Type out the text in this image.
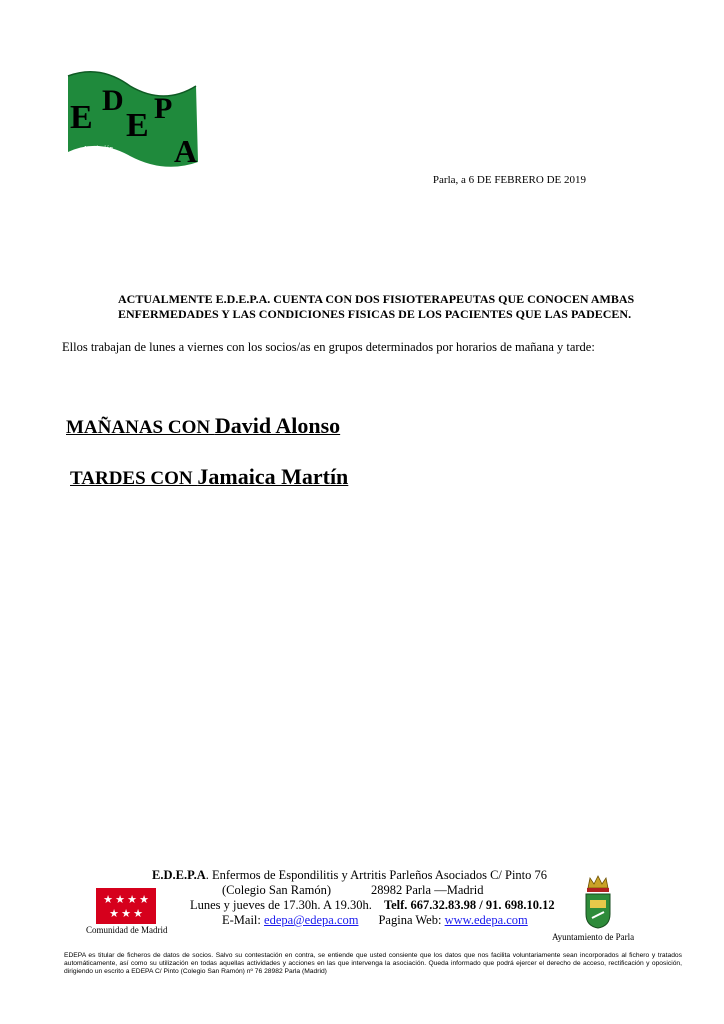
E D
E P
A
Asociación
de
Utilidad Pública
Parla, a 6 DE FEBRERO DE 2019
ACTUALMENTE E.D.E.P.A. CUENTA CON DOS FISIOTERAPEUTAS QUE CONOCEN AMBAS
ENFERMEDADES Y LAS CONDICIONES FISICAS DE LOS PACIENTES QUE LAS PADECEN.
Ellos trabajan de lunes a viernes con los socios/as en grupos determinados por horarios de mañana y tarde:
MAÑANAS CON David Alonso
TARDES CON Jamaica Martín
E.D.E.P.A. Enfermos de Espondilitis y Artritis Parleños Asociados C/ Pinto 76
(Colegio San Ramón)	28982 Parla —Madrid
Lunes y jueves de 17.30h. A 19.30h. Telf. 667.32.83.98 / 91. 698.10.12
E-Mail: edepa@edepa.com Pagina Web: www.edepa.com
★ ★ ★ ★
★ ★ ★
Comunidad de Madrid
Ayuntamiento de Parla
EDEPA es titular de ficheros de datos de socios. Salvo su contestación en contra, se entiende que usted consiente que los datos que nos facilita voluntariamente sean incorporados al fichero y tratados automáticamente, así como su utilización en todas aquellas actividades y acciones en las que intervenga la asociación. Queda informado que podrá ejercer el derecho de acceso, rectificación y oposición, dirigiendo un escrito a EDEPA C/ Pinto (Colegio San Ramón) nº 76 28982 Parla (Madrid)
